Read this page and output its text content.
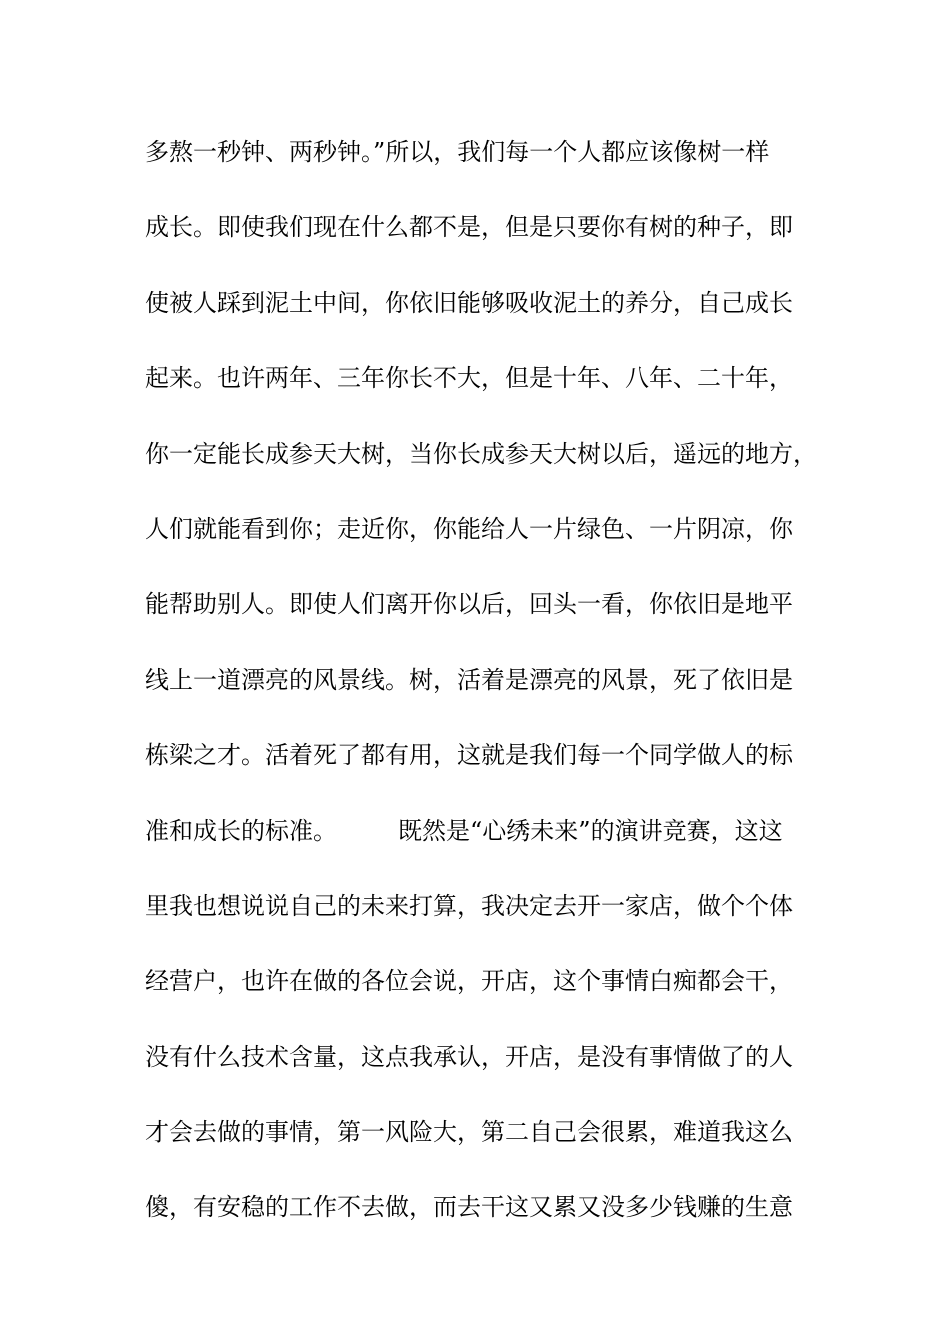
多熬一秒钟、两秒钟。”所以，我们每一个人都应该像树一样
成长。即使我们现在什么都不是，但是只要你有树的种子，即
使被人踩到泥土中间，你依旧能够吸收泥土的养分，自己成长
起来。也许两年、三年你长不大，但是十年、八年、二十年，
你一定能长成参天大树，当你长成参天大树以后，遥远的地方，
人们就能看到你；走近你，你能给人一片绿色、一片阴凉，你
能帮助别人。即使人们离开你以后，回头一看，你依旧是地平
线上一道漂亮的风景线。树，活着是漂亮的风景，死了依旧是
栋梁之才。活着死了都有用，这就是我们每一个同学做人的标
准和成长的标准。        既然是“心绣未来”的演讲竞赛，这这
里我也想说说自己的未来打算，我决定去开一家店，做个个体
经营户，也许在做的各位会说，开店，这个事情白痴都会干，
没有什么技术含量，这点我承认，开店，是没有事情做了的人
才会去做的事情，第一风险大，第二自己会很累，难道我这么
傻，有安稳的工作不去做，而去干这又累又没多少钱赚的生意
